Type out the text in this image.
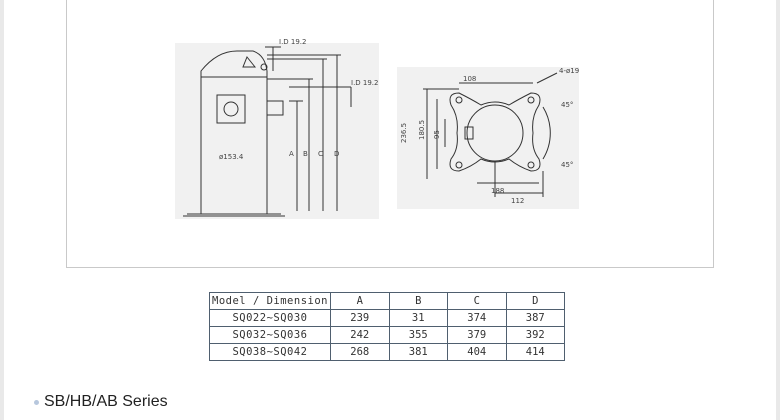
I.D 19.2
I.D 19.2
ø153.4	A B C D
108
4-ø19
45°
45°
236.5 180.5 95
188
112
Model / Dimension	A	B	C	D
SQ022~SQ030	239	31	374	387
SQ032~SQ036	242	355	379	392
SQ038~SQ042	268	381	404	414
SB/HB/AB Series
